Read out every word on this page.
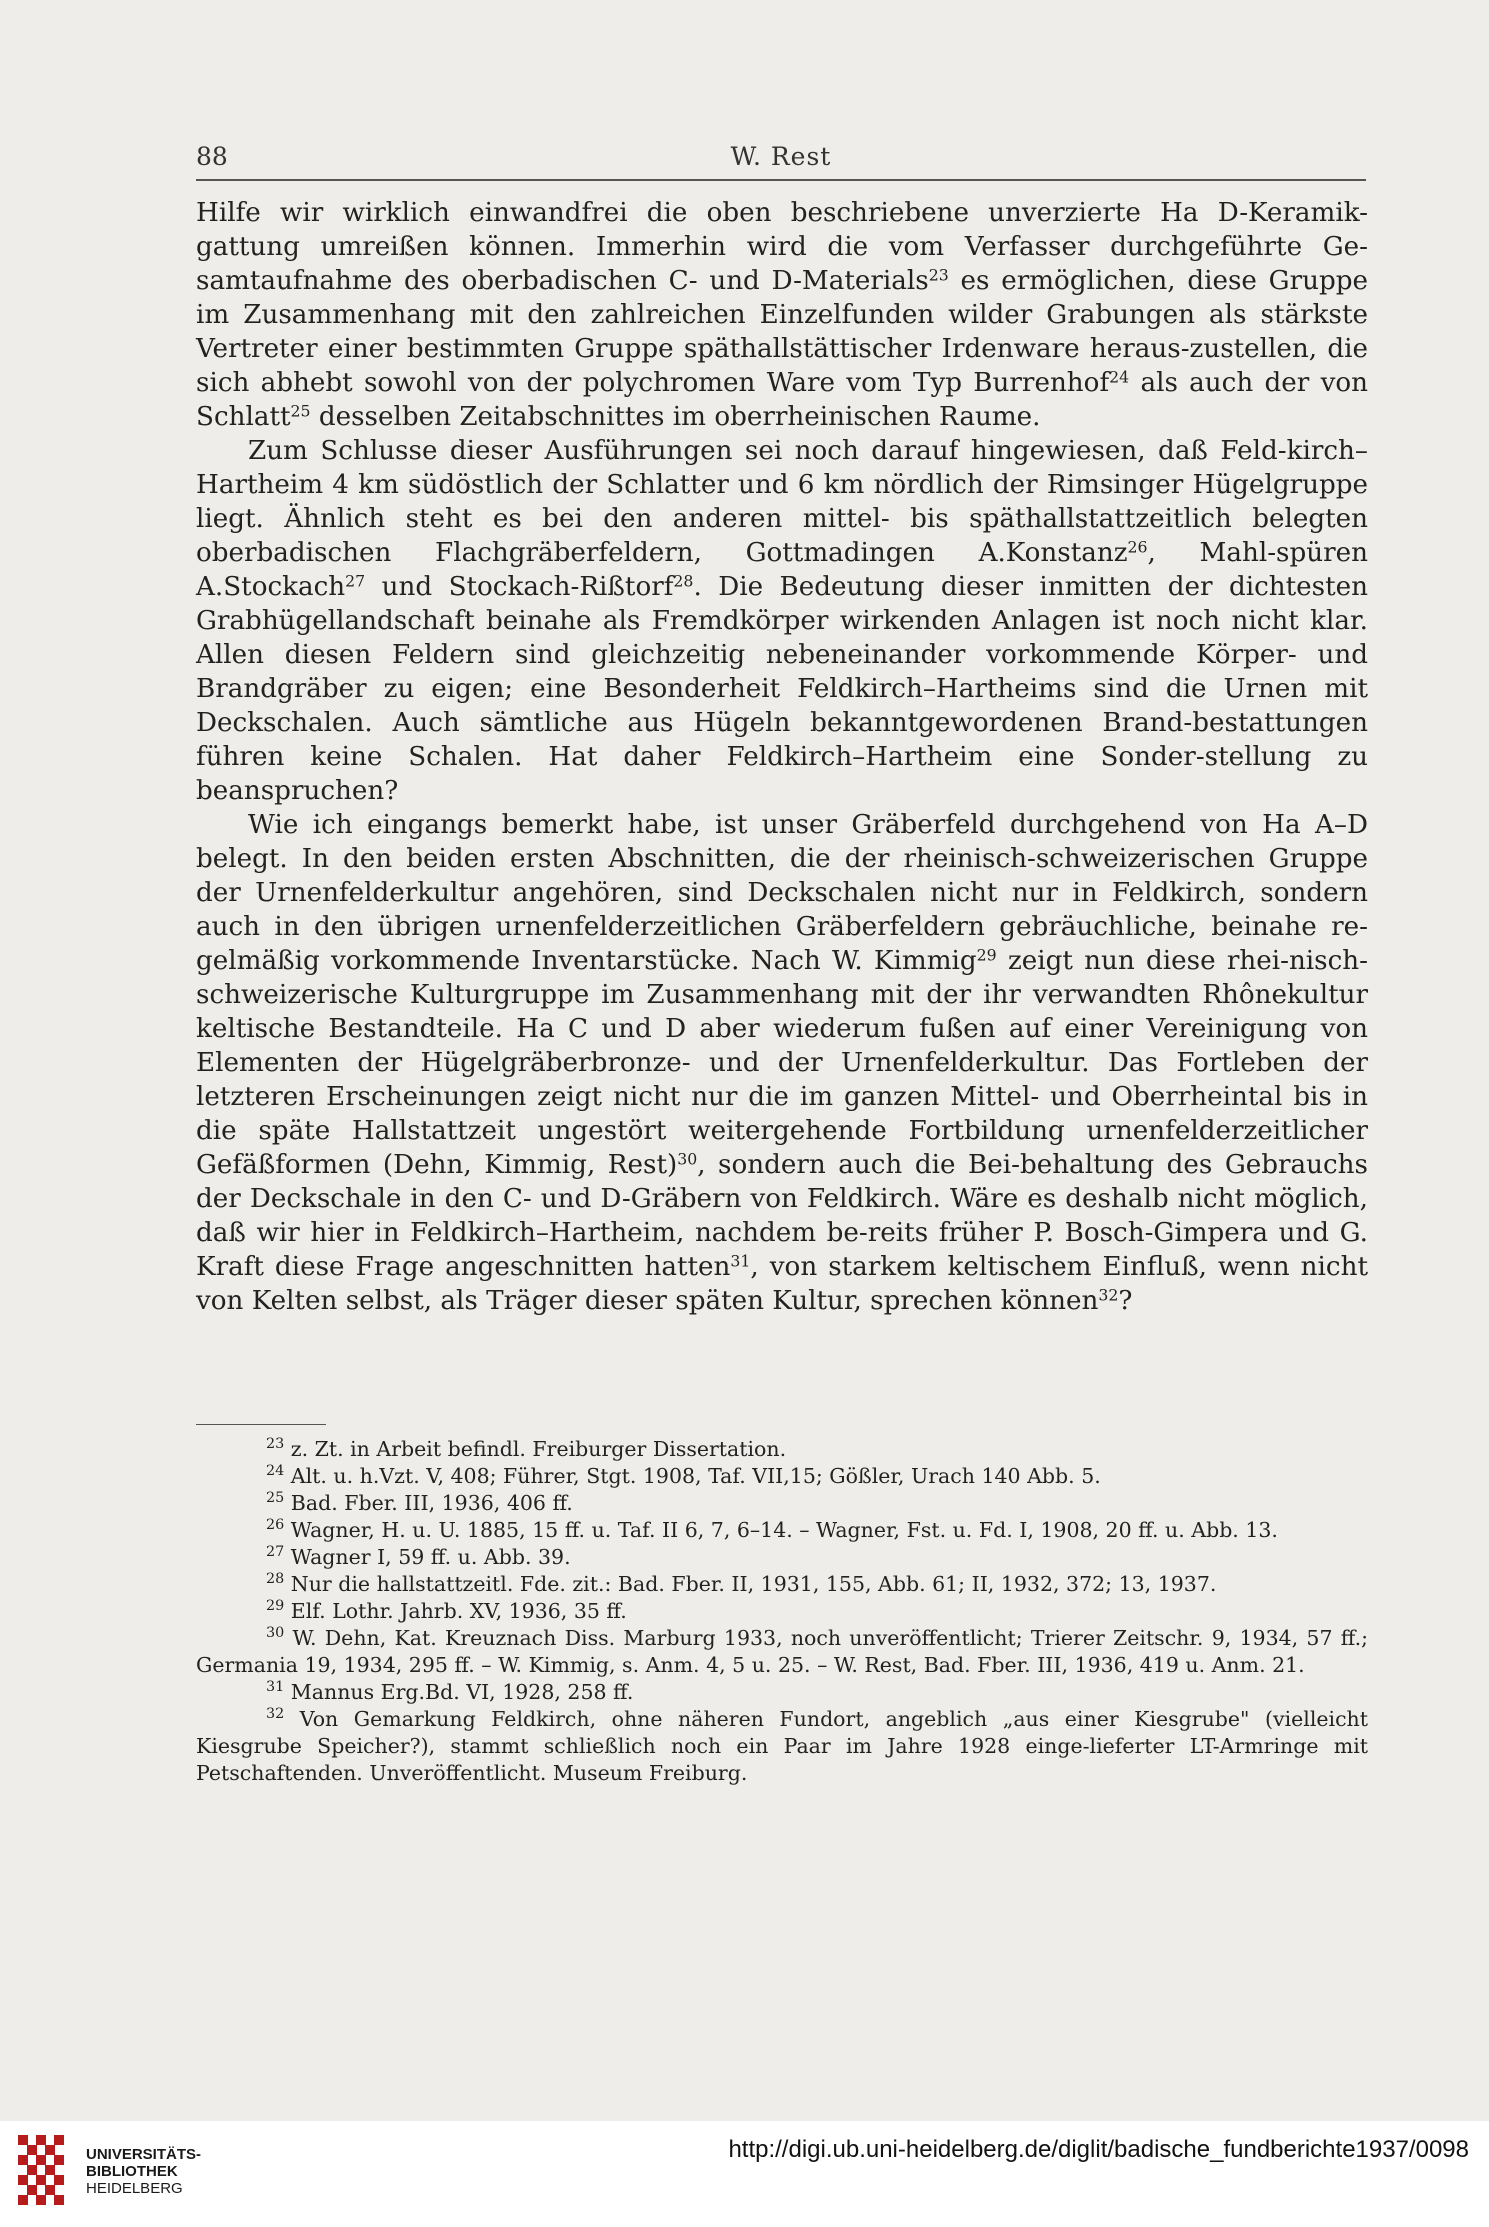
88	W. Rest

Hilfe wir wirklich einwandfrei die oben beschriebene unverzierte Ha D-Keramik-gattung umreißen können. Immerhin wird die vom Verfasser durchgeführte Ge-samtaufnahme des oberbadischen C- und D-Materials$^{23}$ es ermöglichen, diese Gruppe im Zusammenhang mit den zahlreichen Einzelfunden wilder Grabungen als stärkste Vertreter einer bestimmten Gruppe späthallstättischer Irdenware heraus-zustellen, die sich abhebt sowohl von der polychromen Ware vom Typ Burrenhof$^{24}$ als auch der von Schlatt$^{25}$ desselben Zeitabschnittes im oberrheinischen Raume.

Zum Schlusse dieser Ausführungen sei noch darauf hingewiesen, daß Feld-kirch–Hartheim 4 km südöstlich der Schlatter und 6 km nördlich der Rimsinger Hügelgruppe liegt. Ähnlich steht es bei den anderen mittel- bis späthallstattzeitlich belegten oberbadischen Flachgräberfeldern, Gottmadingen A.Konstanz$^{26}$, Mahl-spüren A.Stockach$^{27}$ und Stockach-Rißtorf$^{28}$. Die Bedeutung dieser inmitten der dichtesten Grabhügellandschaft beinahe als Fremdkörper wirkenden Anlagen ist noch nicht klar. Allen diesen Feldern sind gleichzeitig nebeneinander vorkommende Körper- und Brandgräber zu eigen; eine Besonderheit Feldkirch–Hartheims sind die Urnen mit Deckschalen. Auch sämtliche aus Hügeln bekanntgewordenen Brand-bestattungen führen keine Schalen. Hat daher Feldkirch–Hartheim eine Sonder-stellung zu beanspruchen?

Wie ich eingangs bemerkt habe, ist unser Gräberfeld durchgehend von Ha A–D belegt. In den beiden ersten Abschnitten, die der rheinisch-schweizerischen Gruppe der Urnenfelderkultur angehören, sind Deckschalen nicht nur in Feldkirch, sondern auch in den übrigen urnenfelderzeitlichen Gräberfeldern gebräuchliche, beinahe re-gelmäßig vorkommende Inventarstücke. Nach W. Kimmig$^{29}$ zeigt nun diese rhei-nisch-schweizerische Kulturgruppe im Zusammenhang mit der ihr verwandten Rhônekultur keltische Bestandteile. Ha C und D aber wiederum fußen auf einer Vereinigung von Elementen der Hügelgräberbronze- und der Urnenfelderkultur. Das Fortleben der letzteren Erscheinungen zeigt nicht nur die im ganzen Mittel- und Oberrheintal bis in die späte Hallstattzeit ungestört weitergehende Fortbildung urnenfelderzeitlicher Gefäßformen (Dehn, Kimmig, Rest)$^{30}$, sondern auch die Bei-behaltung des Gebrauchs der Deckschale in den C- und D-Gräbern von Feldkirch. Wäre es deshalb nicht möglich, daß wir hier in Feldkirch–Hartheim, nachdem be-reits früher P. Bosch-Gimpera und G. Kraft diese Frage angeschnitten hatten$^{31}$, von starkem keltischem Einfluß, wenn nicht von Kelten selbst, als Träger dieser späten Kultur, sprechen können$^{32}$?

$^{23}$ z. Zt. in Arbeit befindl. Freiburger Dissertation.

$^{24}$ Alt. u. h.Vzt. V, 408; Führer, Stgt. 1908, Taf. VII,15; Gößler, Urach 140 Abb. 5.

$^{25}$ Bad. Fber. III, 1936, 406 ff.

$^{26}$ Wagner, H. u. U. 1885, 15 ff. u. Taf. II 6, 7, 6–14. – Wagner, Fst. u. Fd. I, 1908, 20 ff. u. Abb. 13.

$^{27}$ Wagner I, 59 ff. u. Abb. 39.

$^{28}$ Nur die hallstattzeitl. Fde. zit.: Bad. Fber. II, 1931, 155, Abb. 61; II, 1932, 372; 13, 1937.

$^{29}$ Elf. Lothr. Jahrb. XV, 1936, 35 ff.

$^{30}$ W. Dehn, Kat. Kreuznach Diss. Marburg 1933, noch unveröffentlicht; Trierer Zeitschr. 9, 1934, 57 ff.; Germania 19, 1934, 295 ff. – W. Kimmig, s. Anm. 4, 5 u. 25. – W. Rest, Bad. Fber. III, 1936, 419 u. Anm. 21.

$^{31}$ Mannus Erg.Bd. VI, 1928, 258 ff.

$^{32}$ Von Gemarkung Feldkirch, ohne näheren Fundort, angeblich „aus einer Kiesgrube" (vielleicht Kiesgrube Speicher?), stammt schließlich noch ein Paar im Jahre 1928 einge-lieferter LT-Armringe mit Petschaftenden. Unveröffentlicht. Museum Freiburg.

UNIVERSITÄTS-
BIBLIOTHEK
HEIDELBERG
http://digi.ub.uni-heidelberg.de/diglit/badische_fundberichte1937/0098
